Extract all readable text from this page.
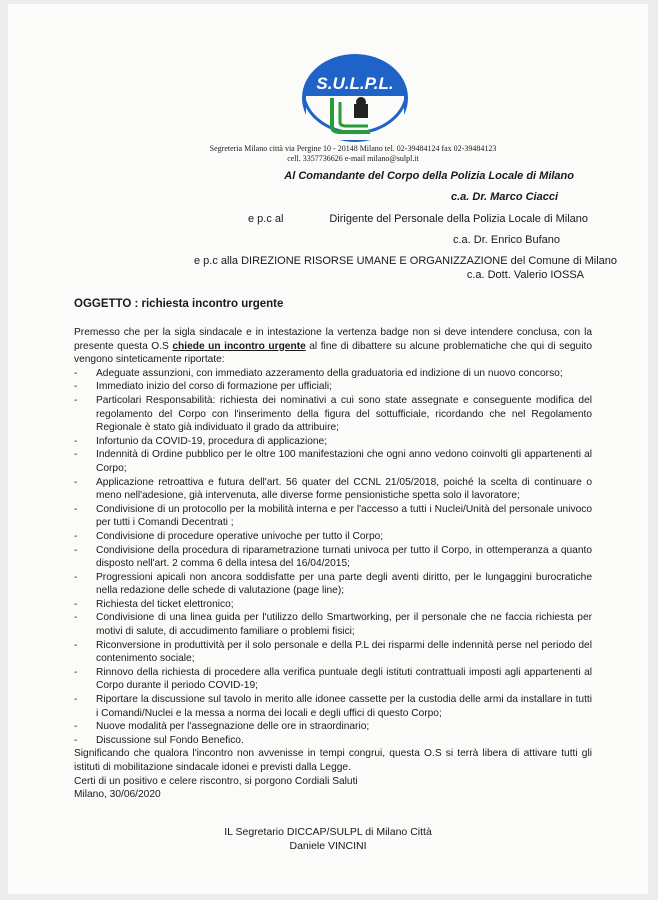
S.U.L.P.L.
Segreteria Milano città via Pergine 10 - 20148 Milano tel. 02-39484124 fax 02-39484123
cell. 3357736626 e-mail milano@sulpl.it
Al Comandante del Corpo della Polizia Locale di Milano
c.a. Dr. Marco Ciacci
e p.c al	Dirigente del Personale della Polizia Locale di Milano
c.a. Dr. Enrico Bufano
e p.c alla DIREZIONE RISORSE UMANE E ORGANIZZAZIONE del Comune di Milano
c.a. Dott. Valerio IOSSA
OGGETTO : richiesta incontro urgente

Premesso che per la sigla sindacale e in intestazione la vertenza badge non si deve intendere conclusa, con la presente questa O.S chiede un incontro urgente al fine di dibattere su alcune problematiche che qui di seguito vengono sinteticamente riportate:

- Adeguate assunzioni, con immediato azzeramento della graduatoria ed indizione di un nuovo concorso;
- Immediato inizio del corso di formazione per ufficiali;
- Particolari Responsabilità: richiesta dei nominativi a cui sono state assegnate e conseguente modifica del regolamento del Corpo con l'inserimento della figura del sottufficiale, ricordando che nel Regolamento Regionale è stato già individuato il grado da attribuire;
- Infortunio da COVID-19, procedura di applicazione;
- Indennità di Ordine pubblico per le oltre 100 manifestazioni che ogni anno vedono coinvolti gli appartenenti al Corpo;
- Applicazione retroattiva e futura dell'art. 56 quater del CCNL 21/05/2018, poiché la scelta di continuare o meno nell'adesione, già intervenuta, alle diverse forme pensionistiche spetta solo il lavoratore;
- Condivisione di un protocollo per la mobilità interna e per l'accesso a tutti i Nuclei/Unità del personale univoco per tutti i Comandi Decentrati ;
- Condivisione di procedure operative univoche per tutto il Corpo;
- Condivisione della procedura di riparametrazione turnati univoca per tutto il Corpo, in ottemperanza a quanto disposto nell'art. 2 comma 6 della intesa del 16/04/2015;
- Progressioni apicali non ancora soddisfatte per una parte degli aventi diritto, per le lungaggini burocratiche nella redazione delle schede di valutazione (page line);
- Richiesta del ticket elettronico;
- Condivisione di una linea guida per l'utilizzo dello Smartworking, per il personale che ne faccia richiesta per motivi di salute, di accudimento familiare o problemi fisici;
- Riconversione in produttività per il solo personale e della P.L dei risparmi delle indennità perse nel periodo del contenimento sociale;
- Rinnovo della richiesta di procedere alla verifica puntuale degli istituti contrattuali imposti agli appartenenti al Corpo durante il periodo COVID-19;
- Riportare la discussione sul tavolo in merito alle idonee cassette per la custodia delle armi da installare in tutti i Comandi/Nuclei e la messa a norma dei locali e degli uffici di questo Corpo;
- Nuove modalità per l'assegnazione delle ore in straordinario;
- Discussione sul Fondo Benefico.

Significando che qualora l'incontro non avvenisse in tempi congrui, questa O.S si terrà libera di attivare tutti gli istituti di mobilitazione sindacale idonei e previsti dalla Legge.

Certi di un positivo e celere riscontro, si porgono Cordiali Saluti

Milano, 30/06/2020

IL Segretario DICCAP/SULPL di Milano Città
Daniele VINCINI
